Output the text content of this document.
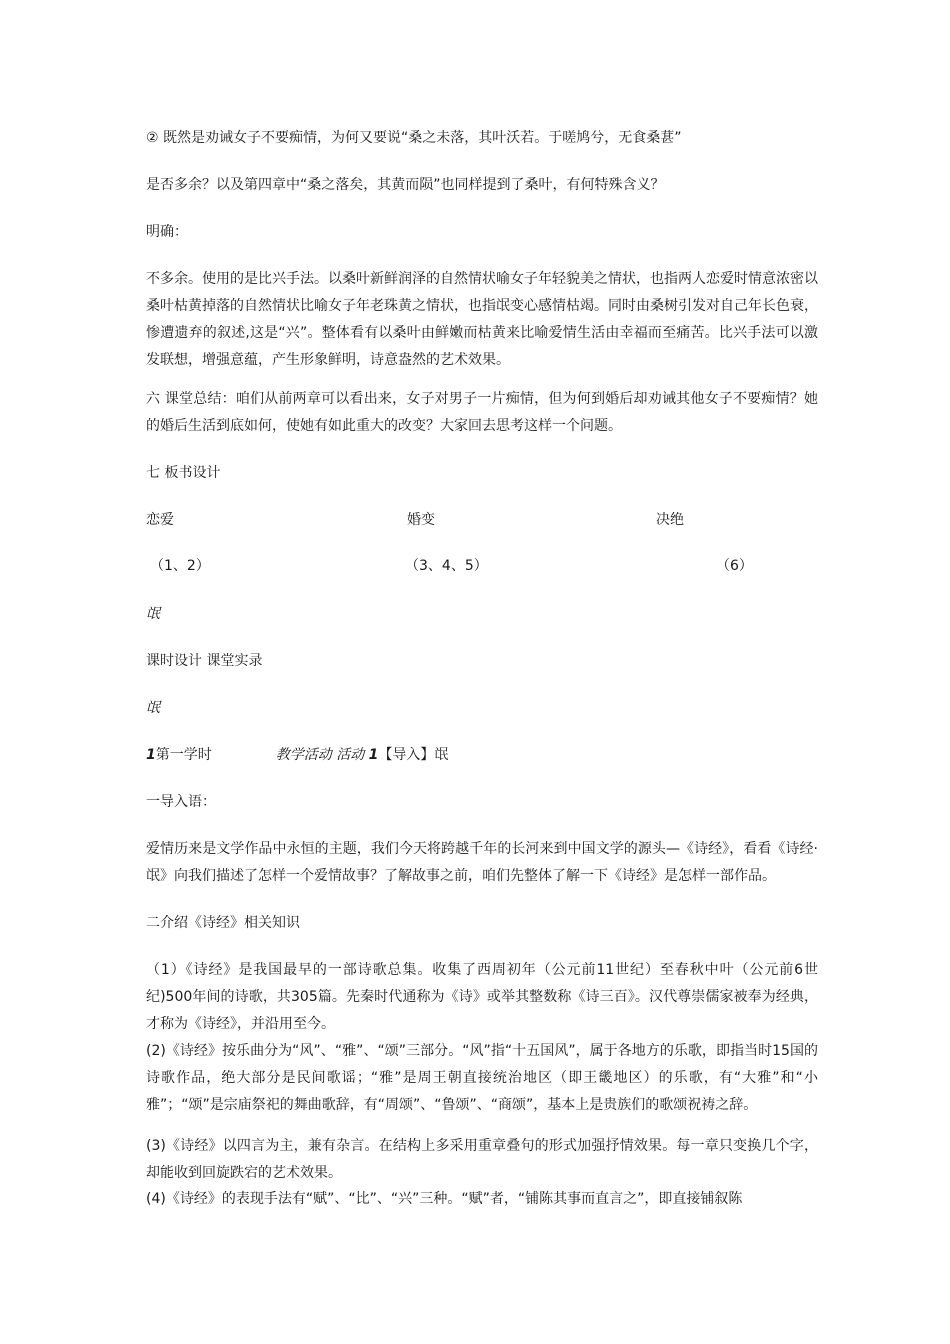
② 既然是劝诫女子不要痴情，为何又要说“桑之未落，其叶沃若。于嗟鸠兮，无食桑葚”
是否多余？以及第四章中“桑之落矣，其黄而陨”也同样提到了桑叶，有何特殊含义？
明确：
不多余。使用的是比兴手法。以桑叶新鲜润泽的自然情状喻女子年轻貌美之情状，也指两人恋爱时情意浓密以桑叶枯黄掉落的自然情状比喻女子年老珠黄之情状，也指氓变心感情枯竭。同时由桑树引发对自己年长色衰，惨遭遗弃的叙述,这是“兴”。整体看有以桑叶由鲜嫩而枯黄来比喻爱情生活由幸福而至痛苦。比兴手法可以激发联想，增强意蕴，产生形象鲜明，诗意盎然的艺术效果。
六 课堂总结：咱们从前两章可以看出来，女子对男子一片痴情，但为何到婚后却劝诫其他女子不要痴情？她的婚后生活到底如何，使她有如此重大的改变？大家回去思考这样一个问题。
七 板书设计
恋爱	婚变	决绝
（1、2）	（3、4、5）	（6）
氓
课时设计 课堂实录
氓
1第一学时	教学活动 活动 1【导入】氓
一导入语：
爱情历来是文学作品中永恒的主题，我们今天将跨越千年的长河来到中国文学的源头—《诗经》，看看《诗经·氓》向我们描述了怎样一个爱情故事？了解故事之前，咱们先整体了解一下《诗经》是怎样一部作品。
二介绍《诗经》相关知识
（1）《诗经》是我国最早的一部诗歌总集。收集了西周初年（公元前11世纪）至春秋中叶（公元前6世纪)500年间的诗歌，共305篇。先秦时代通称为《诗》或举其整数称《诗三百》。汉代尊崇儒家被奉为经典，才称为《诗经》，并沿用至今。
(2)《诗经》按乐曲分为“风”、“雅”、“颂”三部分。“风”指“十五国风”，属于各地方的乐歌，即指当时15国的诗歌作品，绝大部分是民间歌谣；“雅”是周王朝直接统治地区（即王畿地区）的乐歌，有“大雅”和“小雅”；“颂”是宗庙祭祀的舞曲歌辞，有“周颂”、“鲁颂”、“商颂”，基本上是贵族们的歌颂祝祷之辞。
(3)《诗经》以四言为主，兼有杂言。在结构上多采用重章叠句的形式加强抒情效果。每一章只变换几个字，却能收到回旋跌宕的艺术效果。
(4)《诗经》的表现手法有“赋”、“比”、“兴”三种。“赋”者，“铺陈其事而直言之”，即直接铺叙陈
